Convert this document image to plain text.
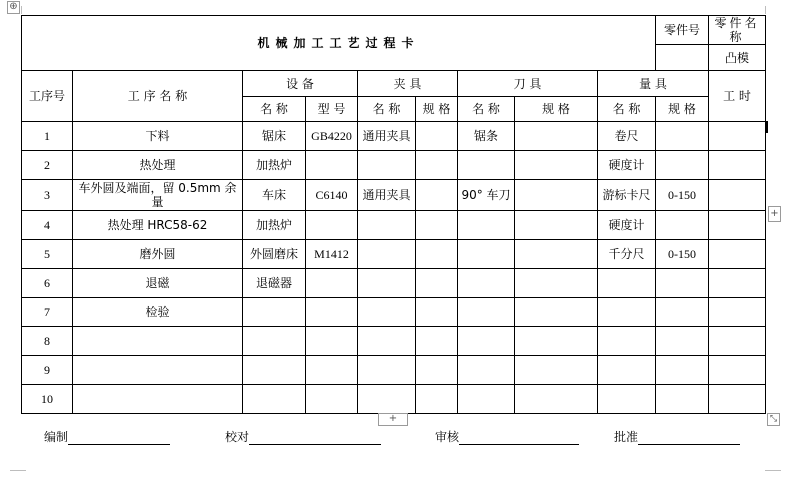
⊕
机械加工工艺过程卡									零件号	零件名称
										凸模
工序号	工 序 名 称	设 备		夹 具		刀 具		量 具		工 时
		名 称	型 号	名 称	规 格	名 称	规 格	名 称	规 格	
1	下料	锯床	GB4220	通用夹具		锯条		卷尺		
2	热处理	加热炉						硬度计		
3	车外圆及端面，留 0.5mm 余量	车床	C6140	通用夹具		90° 车刀		游标卡尺	0-150	
4	热处理 HRC58-62	加热炉						硬度计		
5	磨外圆	外圆磨床	M1412					千分尺	0-150	
6	退磁	退磁器								
7	检验									
8										
9										
10										
+
+	⤡
编制	校对	审核	批准
